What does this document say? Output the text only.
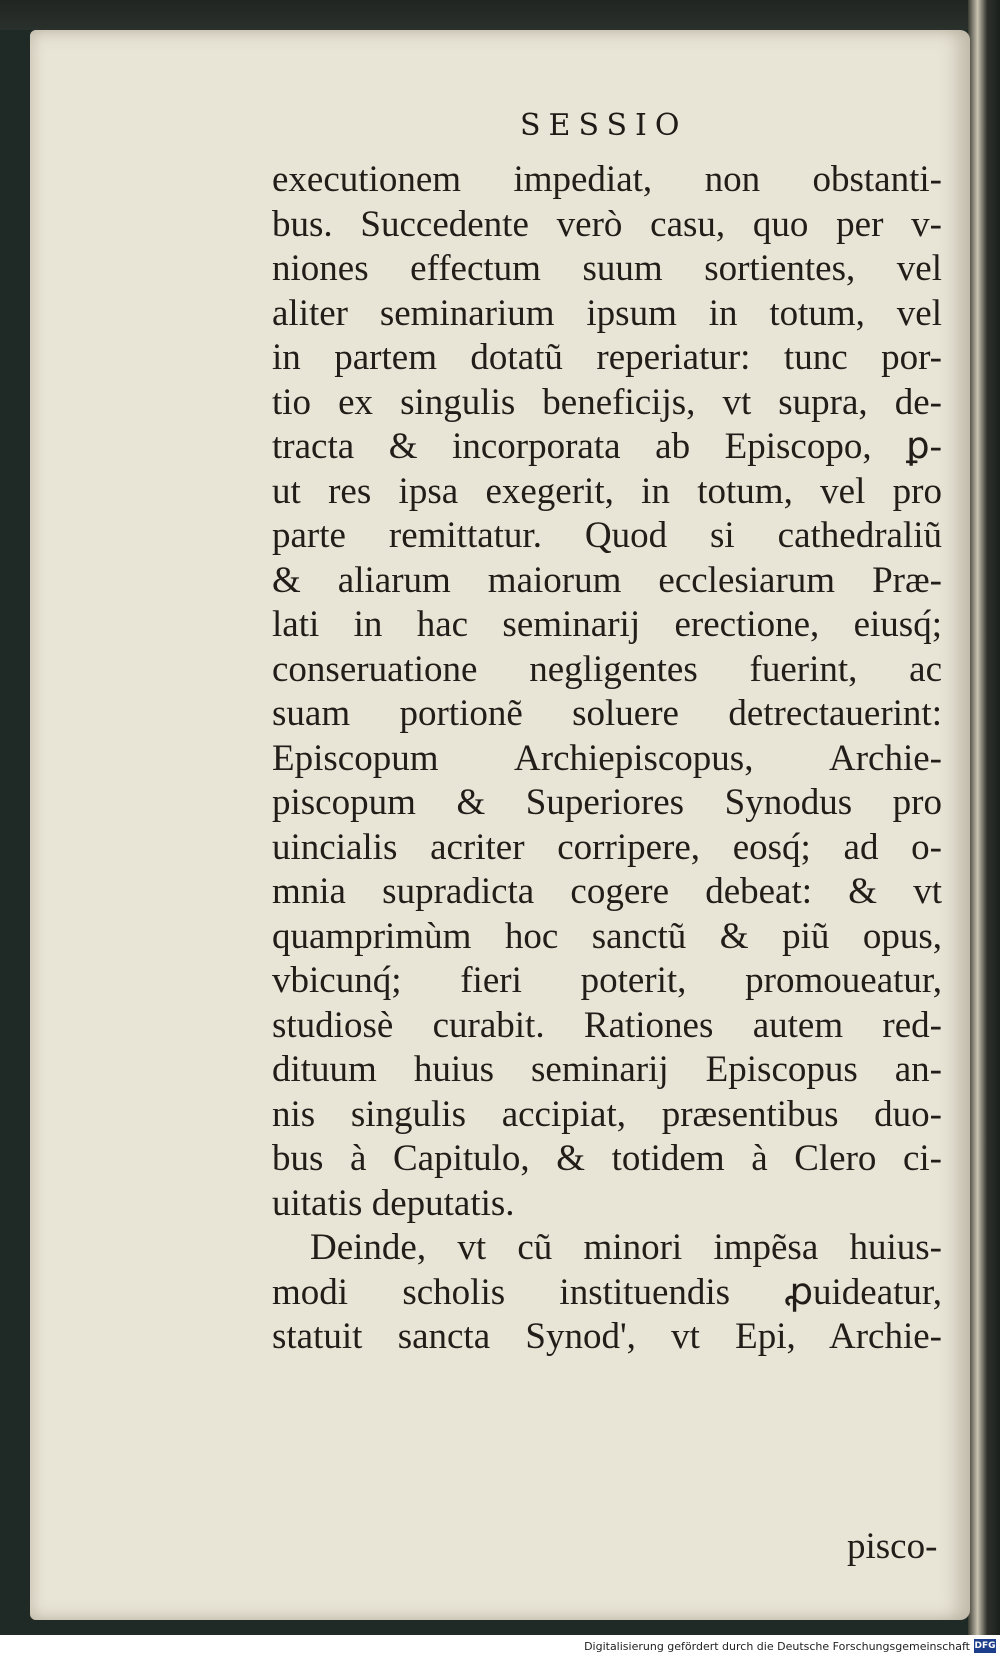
SESSIO
executionem impediat, non obstanti-
bus. Succedente verò casu, quo per v-
niones effectum suum sortientes, vel
aliter seminarium ipsum in totum, vel
in partem dotatũ reperiatur: tunc por-
tio ex singulis beneficijs, vt supra, de-
tracta & incorporata ab Episcopo, ꝑ-
ut res ipsa exegerit, in totum, vel pro
parte remittatur. Quod si cathedraliũ
& aliarum maiorum ecclesiarum Præ-
lati in hac seminarij erectione, eiusq́;
conseruatione negligentes fuerint, ac
suam portionẽ soluere detrectauerint:
Episcopum Archiepiscopus, Archie-
piscopum & Superiores Synodus pro
uincialis acriter corripere, eosq́; ad o-
mnia supradicta cogere debeat: & vt
quamprimùm hoc sanctũ & piũ opus,
vbicunq́; fieri poterit, promoueatur,
studiosè curabit. Rationes autem red-
dituum huius seminarij Episcopus an-
nis singulis accipiat, præsentibus duo-
bus à Capitulo, & totidem à Clero ci-
uitatis deputatis.
Deinde, vt cũ minori impẽsa huius-
modi scholis instituendis ꝓuideatur,
statuit sancta Synod', vt Epi, Archie-
pisco-
Digitalisierung gefördert durch die Deutsche Forschungsgemeinschaft DFG
